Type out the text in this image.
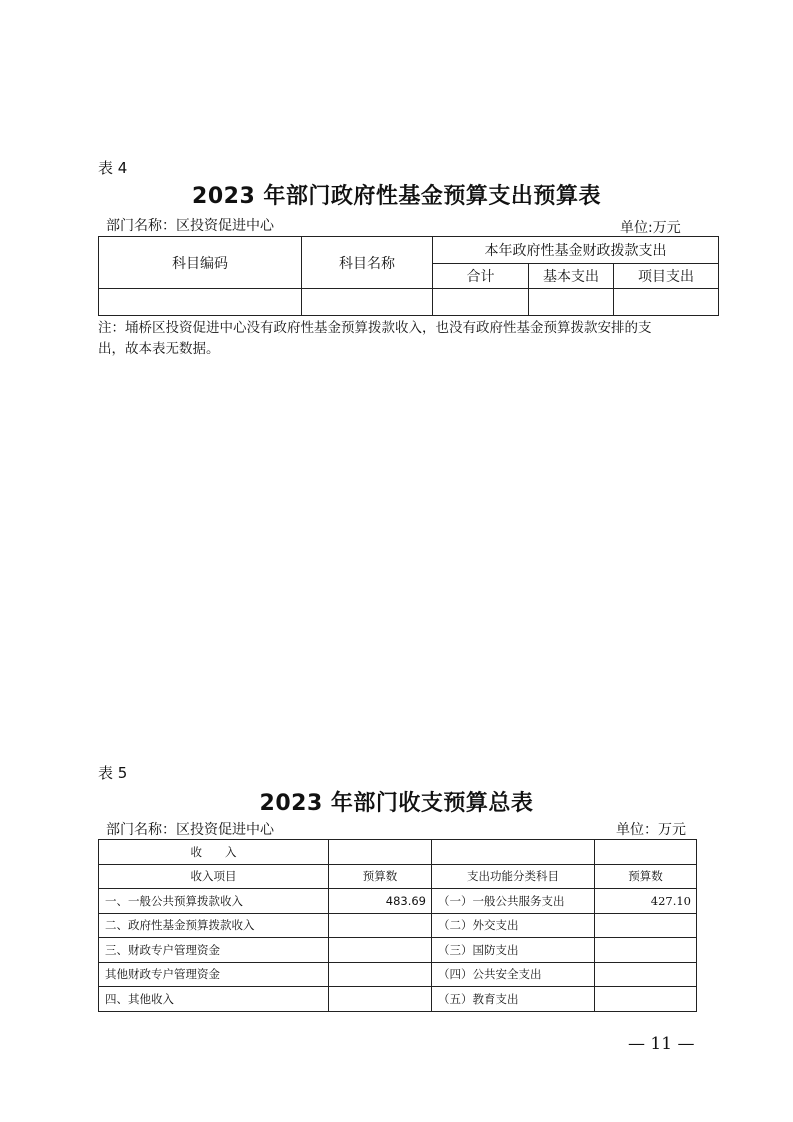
表 4
2023 年部门政府性基金预算支出预算表
部门名称：区投资促进中心	单位:万元
科目编码	科目名称	本年政府性基金财政拨款支出		
		合计	基本支出	项目支出

注：埇桥区投资促进中心没有政府性基金预算拨款收入，也没有政府性基金预算拨款安排的支
出，故本表无数据。
表 5
2023 年部门收支预算总表
部门名称：区投资促进中心	单位：万元
收　　入			
收入项目	预算数	支出功能分类科目	预算数
一、一般公共预算拨款收入	483.69	（一）一般公共服务支出	427.10
二、政府性基金预算拨款收入		（二）外交支出	
三、财政专户管理资金		（三）国防支出	
其他财政专户管理资金		（四）公共安全支出	
四、其他收入		（五）教育支出	
— 11 —
